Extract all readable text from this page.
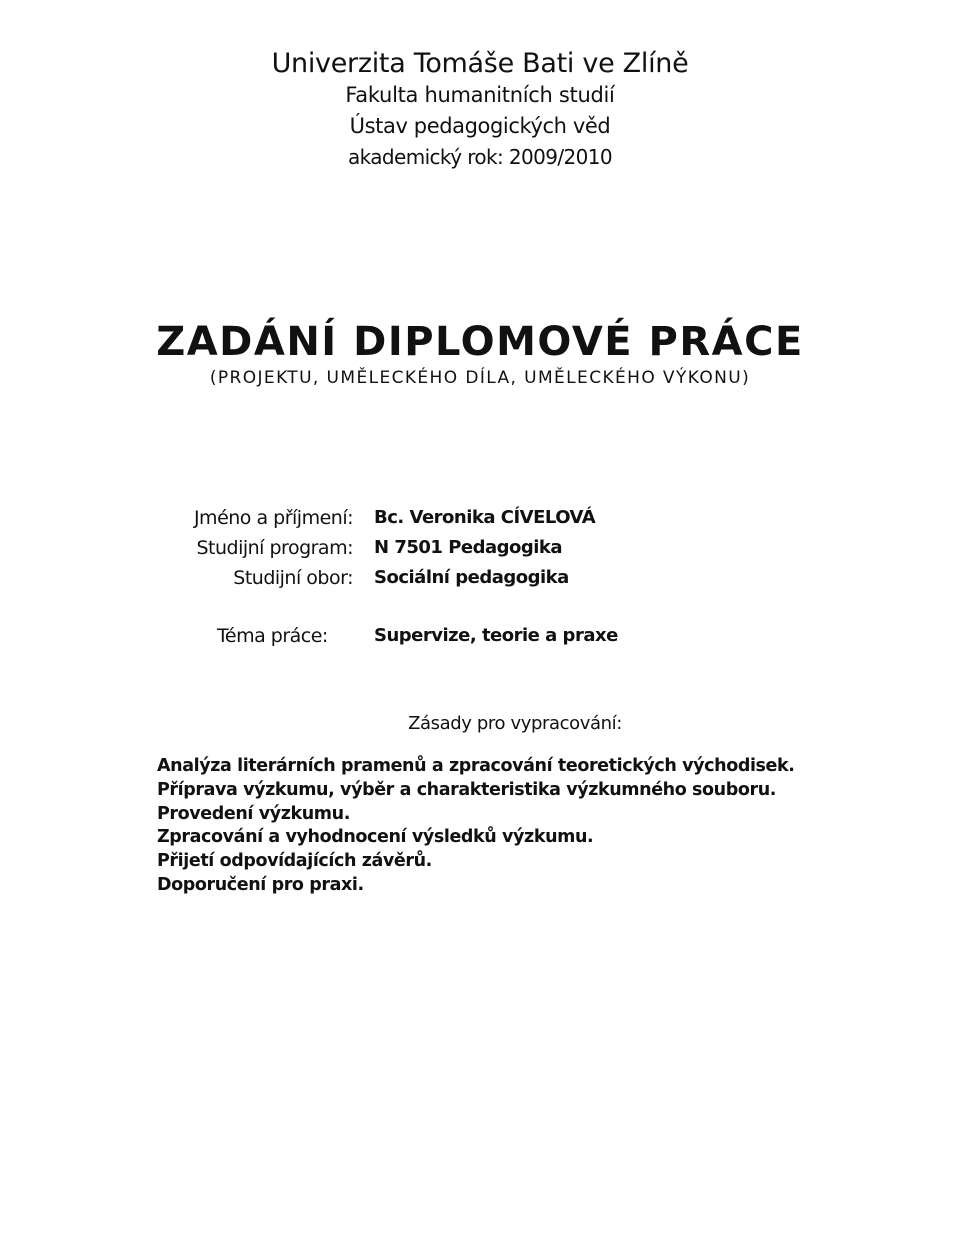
Univerzita Tomáše Bati ve Zlíně
Fakulta humanitních studií
Ústav pedagogických věd
akademický rok: 2009/2010
ZADÁNÍ DIPLOMOVÉ PRÁCE
(PROJEKTU, UMĚLECKÉHO DÍLA, UMĚLECKÉHO VÝKONU)
Jméno a příjmení: Bc. Veronika CÍVELOVÁ
Studijní program: N 7501 Pedagogika
Studijní obor: Sociální pedagogika
Téma práce:	Supervize, teorie a praxe
Zásady pro vypracování:
Analýza literárních pramenů a zpracování teoretických východisek.
Příprava výzkumu, výběr a charakteristika výzkumného souboru.
Provedení výzkumu.
Zpracování a vyhodnocení výsledků výzkumu.
Přijetí odpovídajících závěrů.
Doporučení pro praxi.
